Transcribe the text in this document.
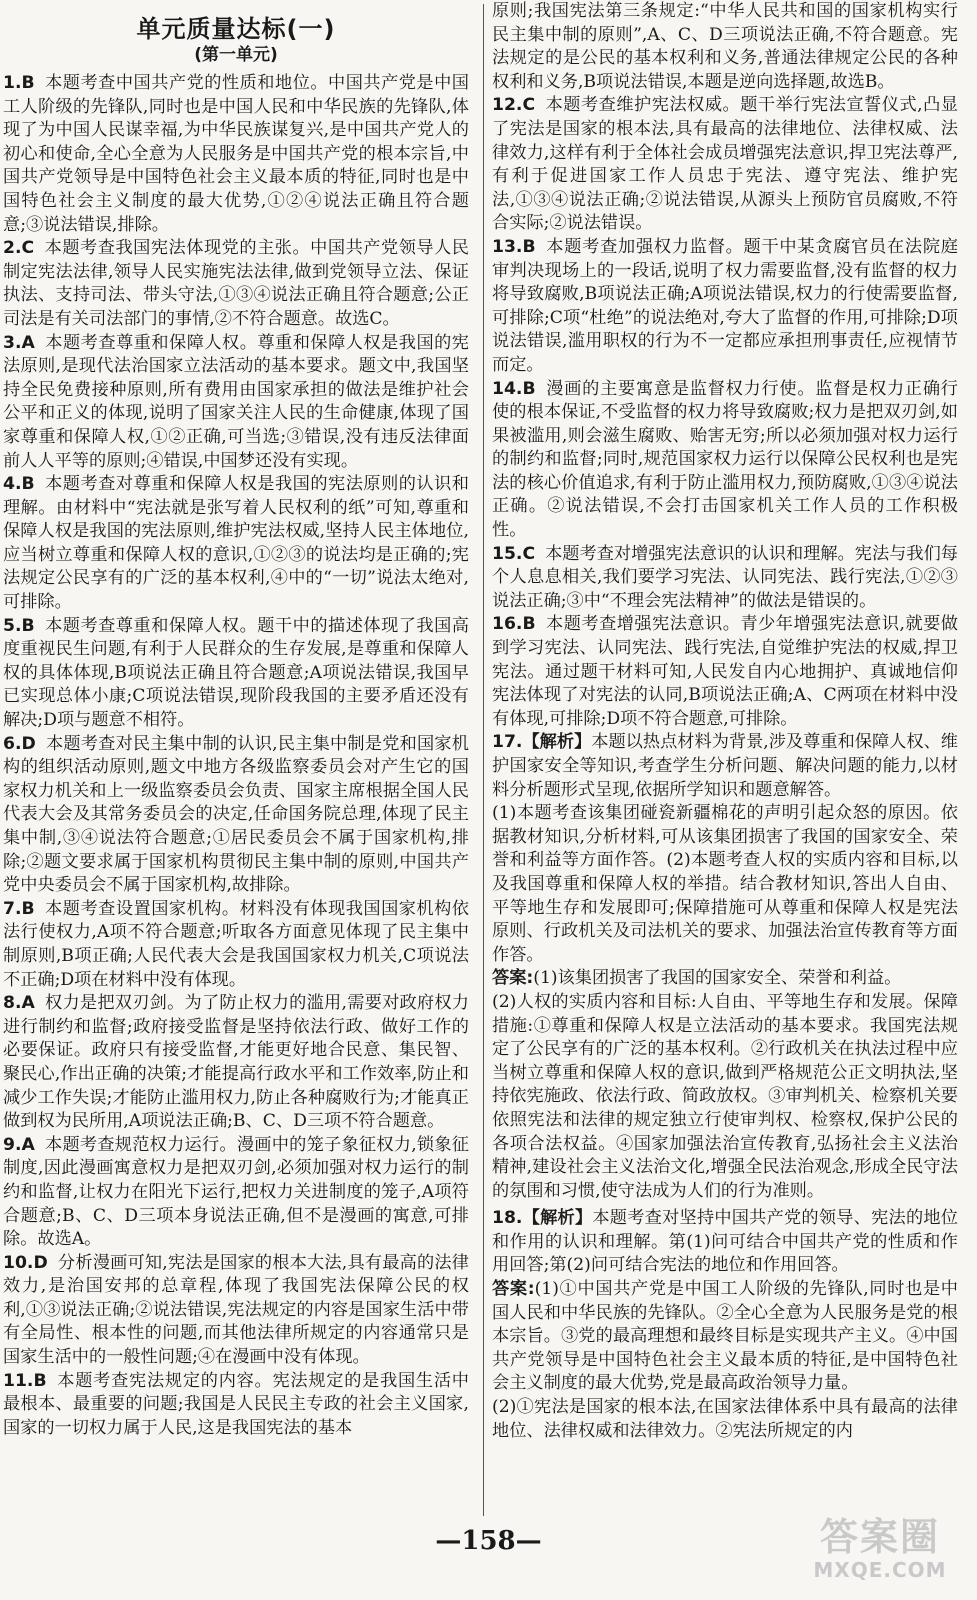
单元质量达标(一)
(第一单元)

1.B 本题考查中国共产党的性质和地位。中国共产党是中国工人阶级的先锋队,同时也是中国人民和中华民族的先锋队,体现了为中国人民谋幸福,为中华民族谋复兴,是中国共产党人的初心和使命,全心全意为人民服务是中国共产党的根本宗旨,中国共产党领导是中国特色社会主义最本质的特征,同时也是中国特色社会主义制度的最大优势,①②④说法正确且符合题意;③说法错误,排除。

2.C 本题考查我国宪法体现党的主张。中国共产党领导人民制定宪法法律,领导人民实施宪法法律,做到党领导立法、保证执法、支持司法、带头守法,①③④说法正确且符合题意;公正司法是有关司法部门的事情,②不符合题意。故选C。

3.A 本题考查尊重和保障人权。尊重和保障人权是我国的宪法原则,是现代法治国家立法活动的基本要求。题文中,我国坚持全民免费接种原则,所有费用由国家承担的做法是维护社会公平和正义的体现,说明了国家关注人民的生命健康,体现了国家尊重和保障人权,①②正确,可当选;③错误,没有违反法律面前人人平等的原则;④错误,中国梦还没有实现。

4.B 本题考查对尊重和保障人权是我国的宪法原则的认识和理解。由材料中“宪法就是张写着人民权利的纸”可知,尊重和保障人权是我国的宪法原则,维护宪法权威,坚持人民主体地位,应当树立尊重和保障人权的意识,①②③的说法均是正确的;宪法规定公民享有的广泛的基本权利,④中的“一切”说法太绝对,可排除。

5.B 本题考查尊重和保障人权。题干中的描述体现了我国高度重视民生问题,有利于人民群众的生存发展,是尊重和保障人权的具体体现,B项说法正确且符合题意;A项说法错误,我国早已实现总体小康;C项说法错误,现阶段我国的主要矛盾还没有解决;D项与题意不相符。

6.D 本题考查对民主集中制的认识,民主集中制是党和国家机构的组织活动原则,题文中地方各级监察委员会对产生它的国家权力机关和上一级监察委员会负责、国家主席根据全国人民代表大会及其常务委员会的决定,任命国务院总理,体现了民主集中制,③④说法符合题意;①居民委员会不属于国家机构,排除;②题文要求属于国家机构贯彻民主集中制的原则,中国共产党中央委员会不属于国家机构,故排除。

7.B 本题考查设置国家机构。材料没有体现我国国家机构依法行使权力,A项不符合题意;听取各方面意见体现了民主集中制原则,B项正确;人民代表大会是我国国家权力机关,C项说法不正确;D项在材料中没有体现。

8.A 权力是把双刃剑。为了防止权力的滥用,需要对政府权力进行制约和监督;政府接受监督是坚持依法行政、做好工作的必要保证。政府只有接受监督,才能更好地合民意、集民智、聚民心,作出正确的决策;才能提高行政水平和工作效率,防止和减少工作失误;才能防止滥用权力,防止各种腐败行为;才能真正做到权为民所用,A项说法正确;B、C、D三项不符合题意。

9.A 本题考查规范权力运行。漫画中的笼子象征权力,锁象征制度,因此漫画寓意权力是把双刃剑,必须加强对权力运行的制约和监督,让权力在阳光下运行,把权力关进制度的笼子,A项符合题意;B、C、D三项本身说法正确,但不是漫画的寓意,可排除。故选A。

10.D 分析漫画可知,宪法是国家的根本大法,具有最高的法律效力,是治国安邦的总章程,体现了我国宪法保障公民的权利,①③说法正确;②说法错误,宪法规定的内容是国家生活中带有全局性、根本性的问题,而其他法律所规定的内容通常只是国家生活中的一般性问题;④在漫画中没有体现。

11.B 本题考查宪法规定的内容。宪法规定的是我国生活中最根本、最重要的问题;我国是人民民主专政的社会主义国家,国家的一切权力属于人民,这是我国宪法的基本

原则;我国宪法第三条规定:“中华人民共和国的国家机构实行民主集中制的原则”,A、C、D三项说法正确,不符合题意。宪法规定的是公民的基本权利和义务,普通法律规定公民的各种权利和义务,B项说法错误,本题是逆向选择题,故选B。

12.C 本题考查维护宪法权威。题干举行宪法宣誓仪式,凸显了宪法是国家的根本法,具有最高的法律地位、法律权威、法律效力,这样有利于全体社会成员增强宪法意识,捍卫宪法尊严,有利于促进国家工作人员忠于宪法、遵守宪法、维护宪法,①③④说法正确;②说法错误,从源头上预防官员腐败,不符合实际;②说法错误。

13.B 本题考查加强权力监督。题干中某贪腐官员在法院庭审判决现场上的一段话,说明了权力需要监督,没有监督的权力将导致腐败,B项说法正确;A项说法错误,权力的行使需要监督,可排除;C项“杜绝”的说法绝对,夸大了监督的作用,可排除;D项说法错误,滥用职权的行为不一定都应承担刑事责任,应视情节而定。

14.B 漫画的主要寓意是监督权力行使。监督是权力正确行使的根本保证,不受监督的权力将导致腐败;权力是把双刃剑,如果被滥用,则会滋生腐败、贻害无穷;所以必须加强对权力运行的制约和监督;同时,规范国家权力运行以保障公民权利也是宪法的核心价值追求,有利于防止滥用权力,预防腐败,①③④说法正确。②说法错误,不会打击国家机关工作人员的工作积极性。

15.C 本题考查对增强宪法意识的认识和理解。宪法与我们每个人息息相关,我们要学习宪法、认同宪法、践行宪法,①②③说法正确;③中“不理会宪法精神”的做法是错误的。

16.B 本题考查增强宪法意识。青少年增强宪法意识,就要做到学习宪法、认同宪法、践行宪法,自觉维护宪法的权威,捍卫宪法。通过题干材料可知,人民发自内心地拥护、真诚地信仰宪法体现了对宪法的认同,B项说法正确;A、C两项在材料中没有体现,可排除;D项不符合题意,可排除。

17.【解析】本题以热点材料为背景,涉及尊重和保障人权、维护国家安全等知识,考查学生分析问题、解决问题的能力,以材料分析题形式呈现,依据所学知识和题意解答。

(1)本题考查该集团碰瓷新疆棉花的声明引起众怒的原因。依据教材知识,分析材料,可从该集团损害了我国的国家安全、荣誉和利益等方面作答。(2)本题考查人权的实质内容和目标,以及我国尊重和保障人权的举措。结合教材知识,答出人自由、平等地生存和发展即可;保障措施可从尊重和保障人权是宪法原则、行政机关及司法机关的要求、加强法治宣传教育等方面作答。

答案:(1)该集团损害了我国的国家安全、荣誉和利益。

(2)人权的实质内容和目标:人自由、平等地生存和发展。保障措施:①尊重和保障人权是立法活动的基本要求。我国宪法规定了公民享有的广泛的基本权利。②行政机关在执法过程中应当树立尊重和保障人权的意识,做到严格规范公正文明执法,坚持依宪施政、依法行政、简政放权。③审判机关、检察机关要依照宪法和法律的规定独立行使审判权、检察权,保护公民的各项合法权益。④国家加强法治宣传教育,弘扬社会主义法治精神,建设社会主义法治文化,增强全民法治观念,形成全民守法的氛围和习惯,使守法成为人们的行为准则。

18.【解析】本题考查对坚持中国共产党的领导、宪法的地位和作用的认识和理解。第(1)问可结合中国共产党的性质和作用回答;第(2)问可结合宪法的地位和作用回答。

答案:(1)①中国共产党是中国工人阶级的先锋队,同时也是中国人民和中华民族的先锋队。②全心全意为人民服务是党的根本宗旨。③党的最高理想和最终目标是实现共产主义。④中国共产党领导是中国特色社会主义最本质的特征,是中国特色社会主义制度的最大优势,党是最高政治领导力量。

(2)①宪法是国家的根本法,在国家法律体系中具有最高的法律地位、法律权威和法律效力。②宪法所规定的内

—158—	答案圈
MXQE.COM
